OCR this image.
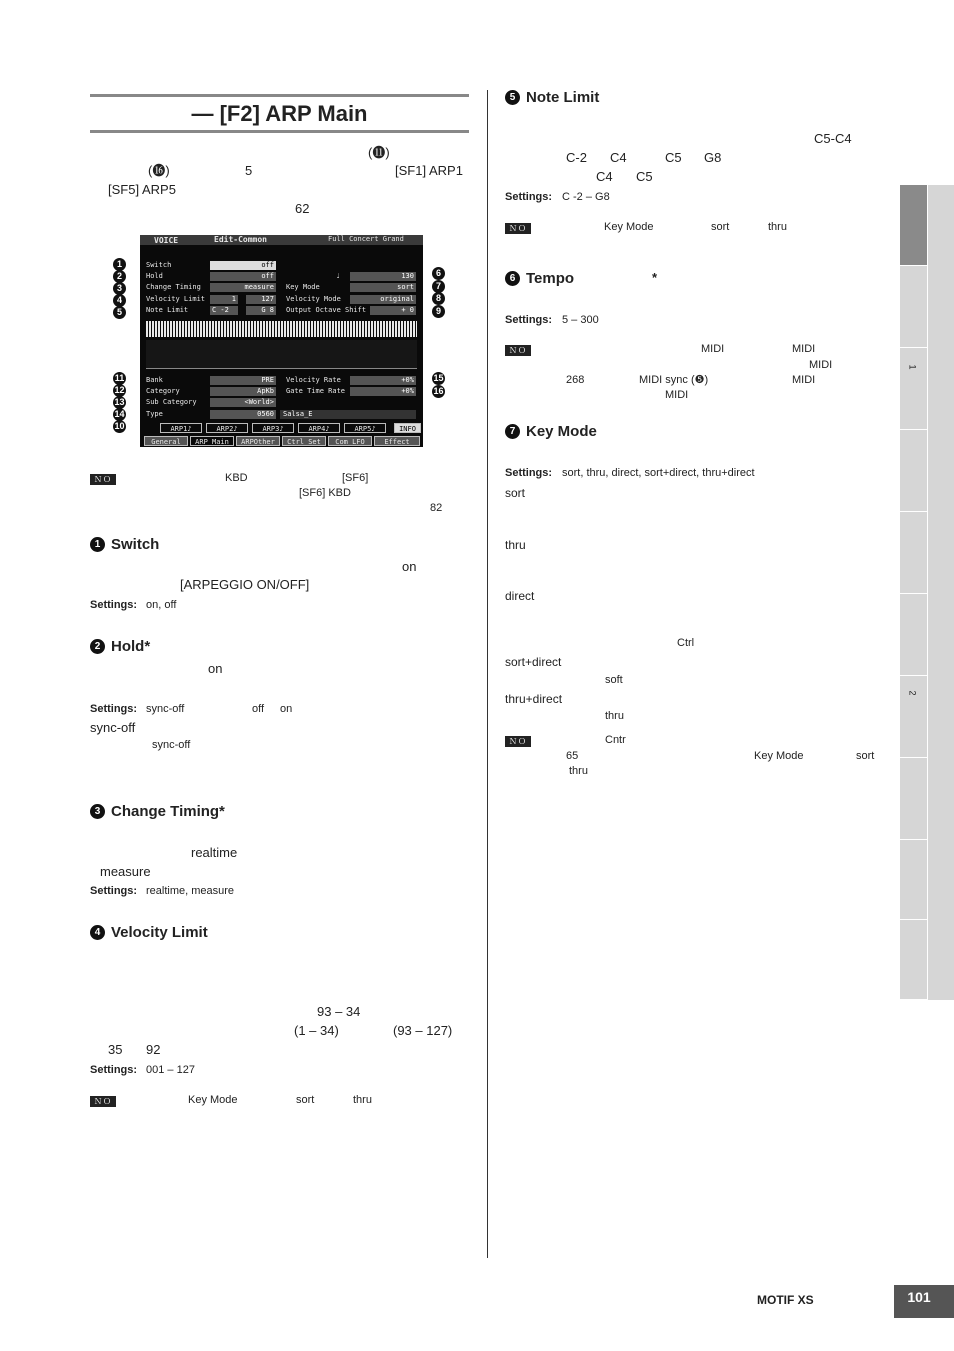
— [F2] ARP Main
(⓫)
(⓰)	5	[SF1] ARP1
[SF5] ARP5
62
VOICE	Edit-Common	Full Concert Grand
Switch	off
Hold	off
Change Timing	measure
Velocity Limit	1	127
Note Limit	C -2	G 8
♩	130
Key Mode	sort
Velocity Mode	original
Output Octave Shift	+ 0
Bank	PRE
Category	ApKb
Sub Category	<World>
Type	0560	Salsa_E
Velocity Rate	+0%
Gate Time Rate	+0%
ARP1♪	ARP2♪	ARP3♪	ARP4♪	ARP5♪	INFO
General	ARP Main	ARPOther	Ctrl Set	Com LFO	Effect
1
2
3
4
5
11
12
13
14
10
6
7
8
9
15
16
ＮＯＴＥ
KBD	[SF6]
[SF6] KBD
82
1 Switch
on
[ARPEGGIO ON/OFF]
Settings: on, off
2 Hold*
on
Settings: sync-off	off on
sync-off
sync-off
3 Change Timing*
realtime
measure
Settings: realtime, measure
4 Velocity Limit
93 – 34
(1 – 34)	(93 – 127)
35 92
Settings: 001 – 127
ＮＯＴＥ
Key Mode	sort	thru
5 Note Limit
C5-C4
C-2 C4	C5 G8
C4 C5
Settings: C -2 – G8
ＮＯＴＥ
Key Mode	sort	thru
6 Tempo	*
Settings: 5 – 300
ＮＯＴＥ
MIDI	MIDI
MIDI
268	MIDI sync (❺)	MIDI
MIDI
7 Key Mode
Settings: sort, thru, direct, sort+direct, thru+direct
sort
thru
direct
Ctrl
sort+direct
soft
thru+direct
thru
ＮＯＴＥ
Cntr
65	Key Mode	sort
thru
1
2
MOTIF XS	101
